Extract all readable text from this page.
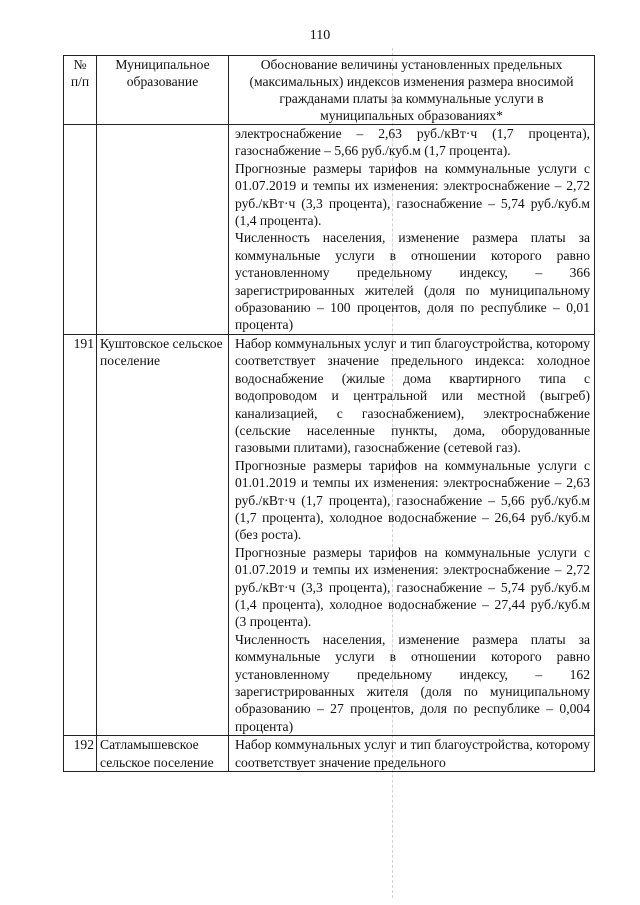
110
№ п/п	Муниципальное образование	Обоснование величины установленных предельных (максимальных) индексов изменения размера вносимой гражданами платы за коммунальные услуги в муниципальных образованиях*

		электроснабжение – 2,63 руб./кВт·ч (1,7 процента), газоснабжение – 5,66 руб./куб.м (1,7 процента).

Прогнозные размеры тарифов на коммунальные услуги с 01.07.2019 и темпы их изменения: электроснабжение – 2,72 руб./кВт·ч (3,3 процента), газоснабжение – 5,74 руб./куб.м (1,4 процента).

Численность населения, изменение размера платы за коммунальные услуги в отношении которого равно установленному предельному индексу, – 366 зарегистрированных жителей (доля по муниципальному образованию – 100 процентов, доля по республике – 0,01 процента)

191	Куштовское сельское поселение	Набор коммунальных услуг и тип благоустройства, которому соответствует значение предельного индекса: холодное водоснабжение (жилые дома квартирного типа с водопроводом и центральной или местной (выгреб) канализацией, с газоснабжением), электроснабжение (сельские населенные пункты, дома, оборудованные газовыми плитами), газоснабжение (сетевой газ).

Прогнозные размеры тарифов на коммунальные услуги с 01.01.2019 и темпы их изменения: электроснабжение – 2,63 руб./кВт·ч (1,7 процента), газоснабжение – 5,66 руб./куб.м (1,7 процента), холодное водоснабжение – 26,64 руб./куб.м (без роста).

Прогнозные размеры тарифов на коммунальные услуги с 01.07.2019 и темпы их изменения: электроснабжение – 2,72 руб./кВт·ч (3,3 процента), газоснабжение – 5,74 руб./куб.м (1,4 процента), холодное водоснабжение – 27,44 руб./куб.м (3 процента).

Численность населения, изменение размера платы за коммунальные услуги в отношении которого равно установленному предельному индексу, – 162 зарегистрированных жителя (доля по муниципальному образованию – 27 процентов, доля по республике – 0,004 процента)

192	Сатламышевское сельское поселение	Набор коммунальных услуг и тип благоустройства, которому соответствует значение предельного
